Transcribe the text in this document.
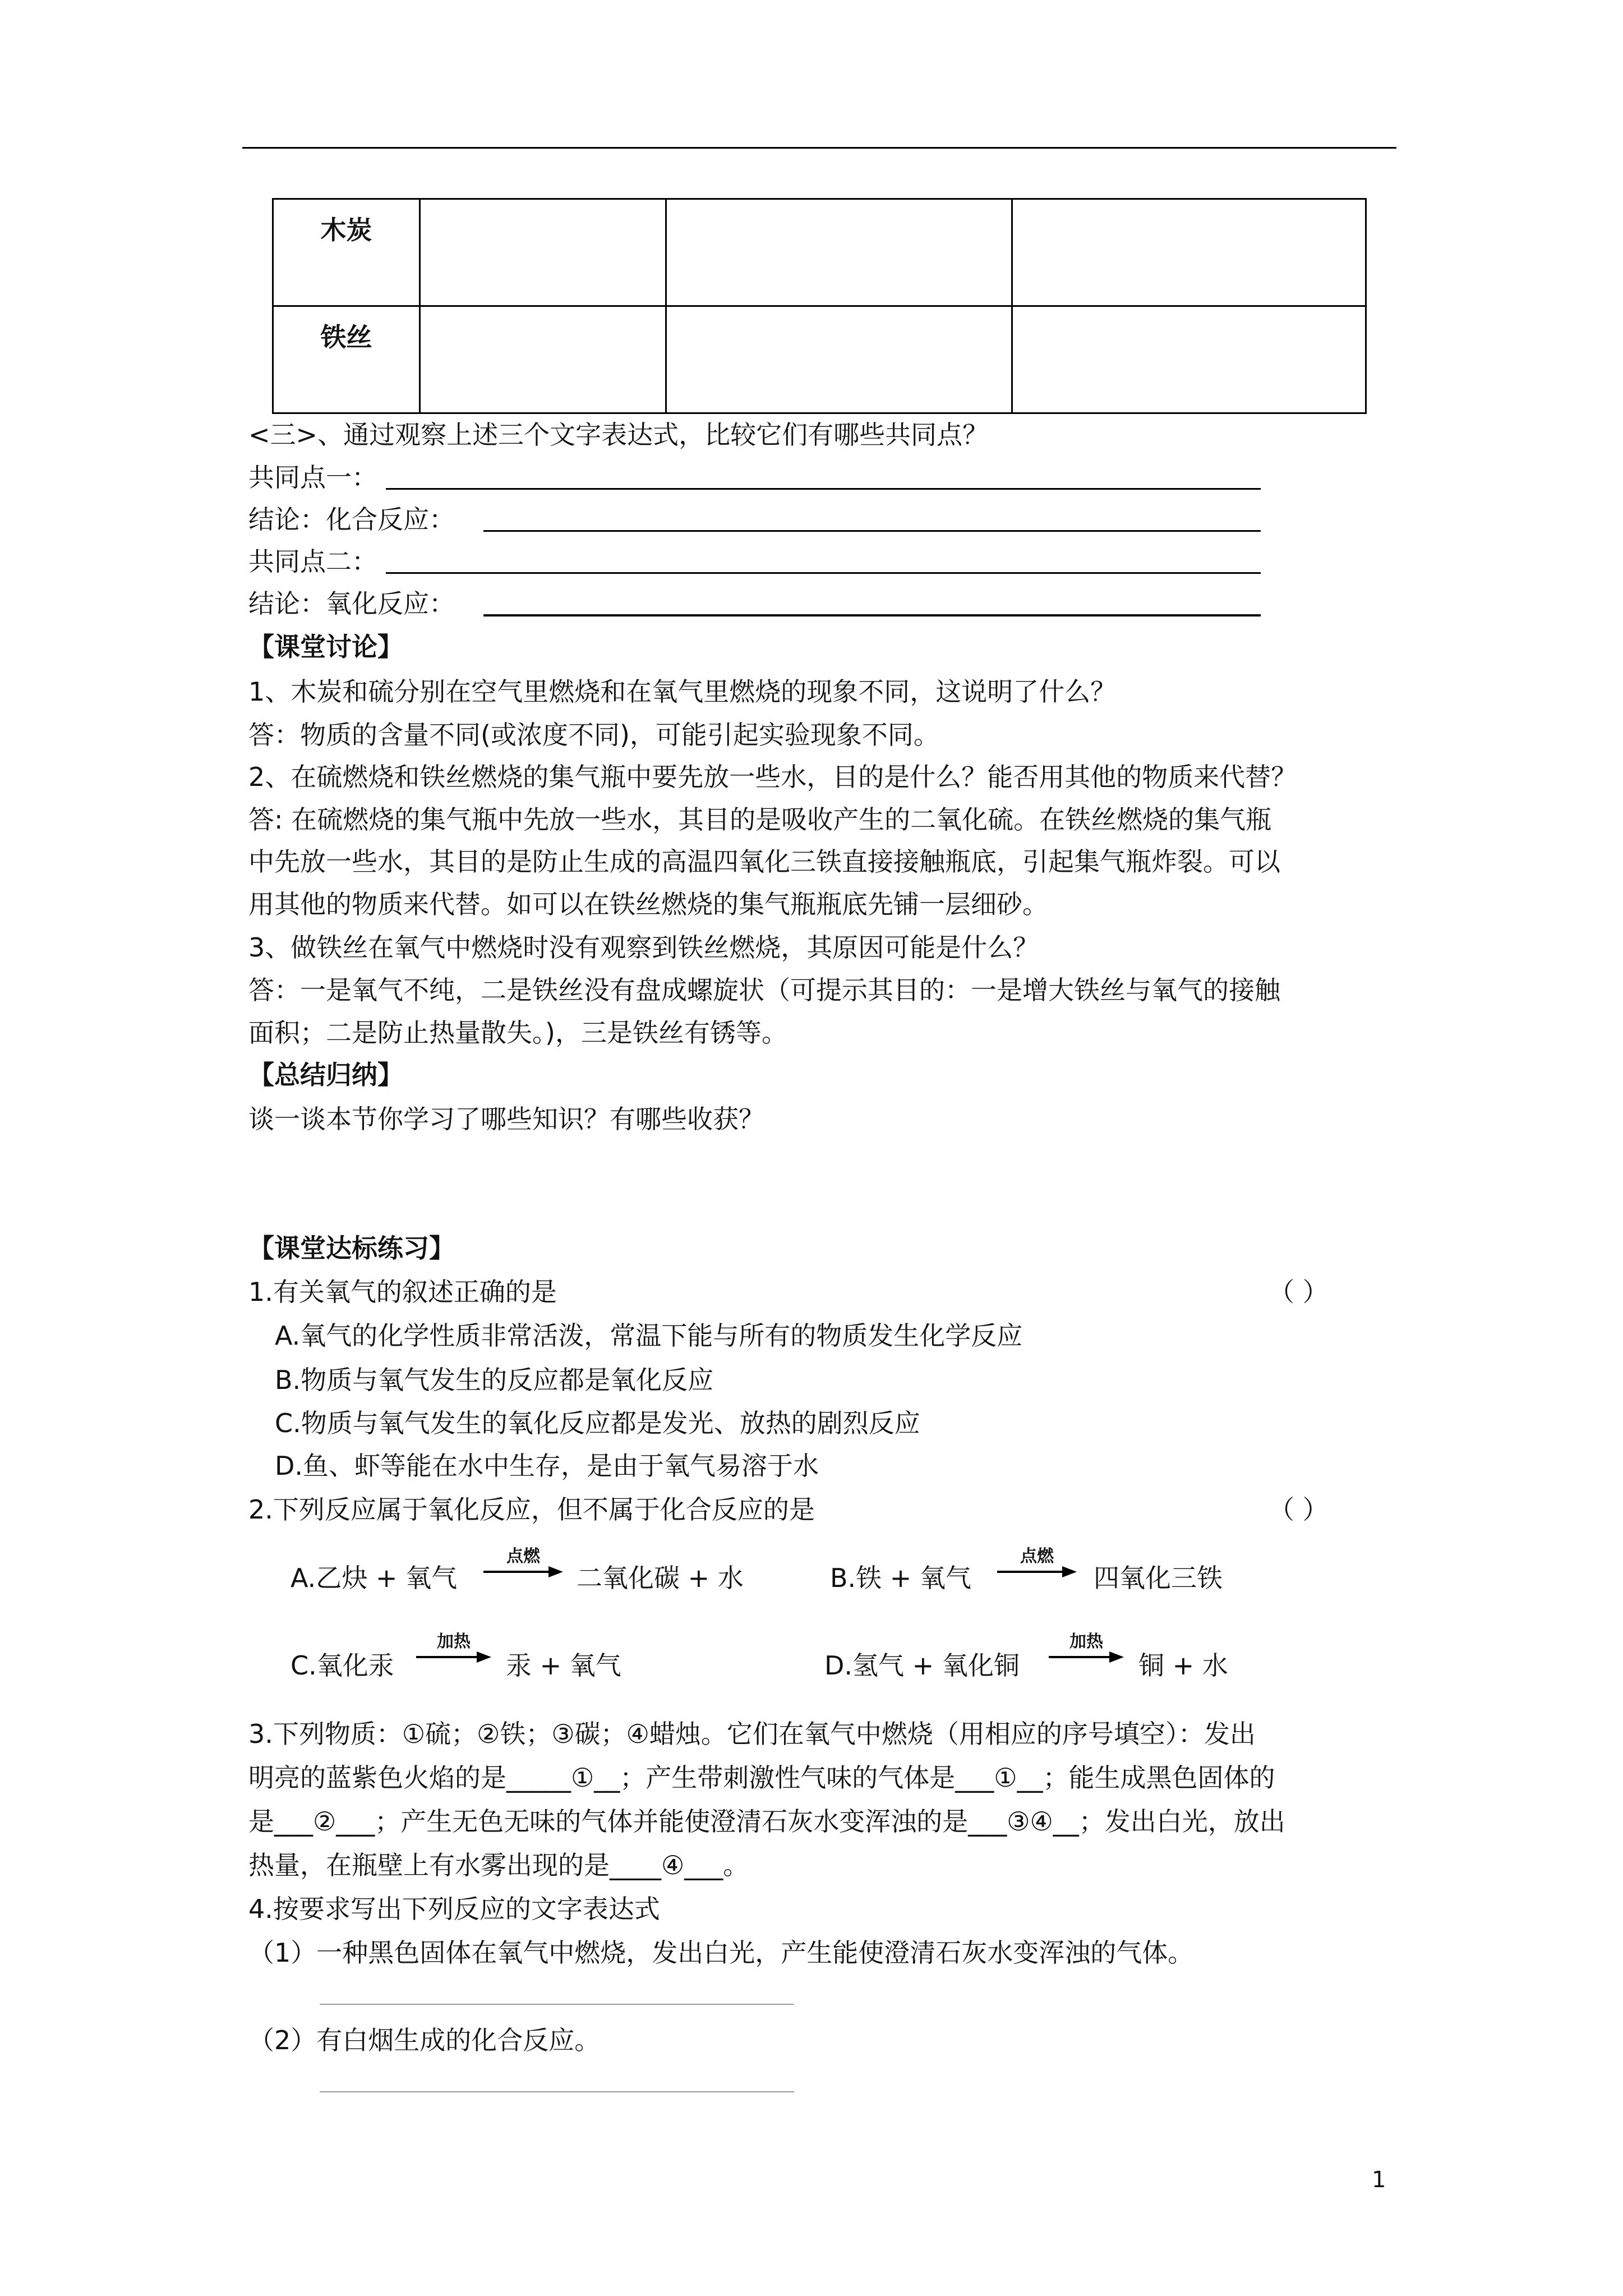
木炭			
铁丝			
<三>、通过观察上述三个文字表达式，比较它们有哪些共同点？
共同点一：
结论：化合反应：
共同点二：
结论：氧化反应：
【课堂讨论】
1、木炭和硫分别在空气里燃烧和在氧气里燃烧的现象不同，这说明了什么？
答：物质的含量不同(或浓度不同)，可能引起实验现象不同。
2、在硫燃烧和铁丝燃烧的集气瓶中要先放一些水，目的是什么？能否用其他的物质来代替？
答: 在硫燃烧的集气瓶中先放一些水，其目的是吸收产生的二氧化硫。在铁丝燃烧的集气瓶
中先放一些水，其目的是防止生成的高温四氧化三铁直接接触瓶底，引起集气瓶炸裂。可以
用其他的物质来代替。如可以在铁丝燃烧的集气瓶瓶底先铺一层细砂。
3、做铁丝在氧气中燃烧时没有观察到铁丝燃烧，其原因可能是什么？
答：一是氧气不纯，二是铁丝没有盘成螺旋状（可提示其目的：一是增大铁丝与氧气的接触
面积；二是防止热量散失。)，三是铁丝有锈等。
【总结归纳】
谈一谈本节你学习了哪些知识？有哪些收获？
【课堂达标练习】
1.有关氧气的叙述正确的是	（ ）
A.氧气的化学性质非常活泼，常温下能与所有的物质发生化学反应
B.物质与氧气发生的反应都是氧化反应
C.物质与氧气发生的氧化反应都是发光、放热的剧烈反应
D.鱼、虾等能在水中生存，是由于氧气易溶于水
2.下列反应属于氧化反应，但不属于化合反应的是	（ ）
A.乙炔 + 氧气
点燃
二氧化碳 + 水	B.铁 + 氧气
点燃
四氧化三铁
C.氧化汞
加热
汞 + 氧气	D.氢气 + 氧化铜
加热
铜 + 水
3.下列物质：①硫；②铁；③碳；④蜡烛。它们在氧气中燃烧（用相应的序号填空）：发出
明亮的蓝紫色火焰的是_____①__；产生带刺激性气味的气体是___①__；能生成黑色固体的
是___②___；产生无色无味的气体并能使澄清石灰水变浑浊的是___③④__；发出白光，放出
热量，在瓶壁上有水雾出现的是____④___。
4.按要求写出下列反应的文字表达式
（1）一种黑色固体在氧气中燃烧，发出白光，产生能使澄清石灰水变浑浊的气体。
（2）有白烟生成的化合反应。
1
